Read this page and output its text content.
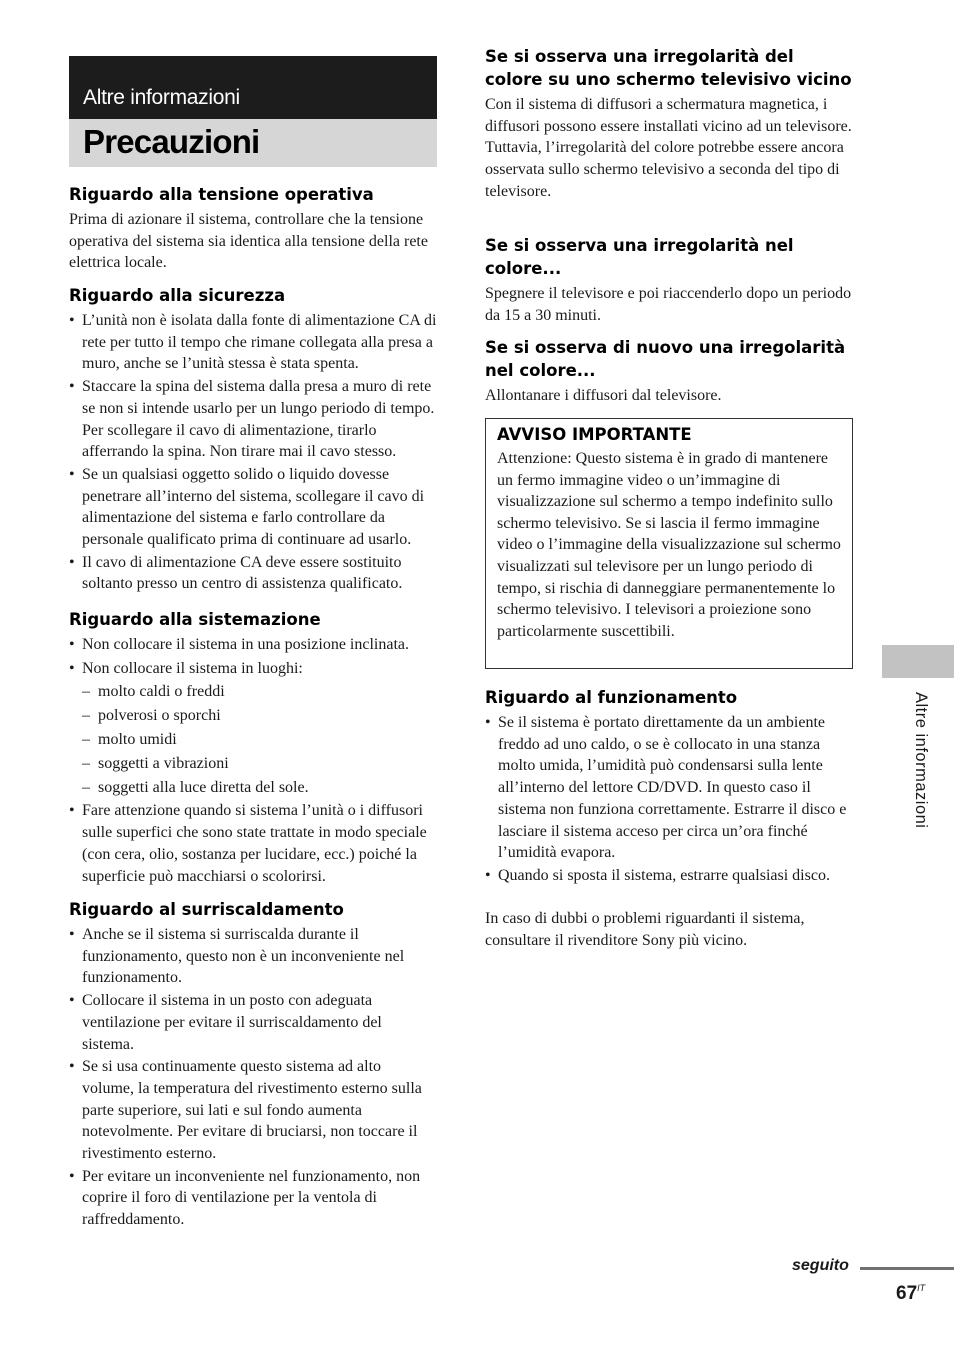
Altre informazioni
Precauzioni
Riguardo alla tensione operativa

Prima di azionare il sistema, controllare che la tensione operativa del sistema sia identica alla tensione della rete elettrica locale.

Riguardo alla sicurezza
• L’unità non è isolata dalla fonte di alimentazione CA di rete per tutto il tempo che rimane collegata alla presa a muro, anche se l’unità stessa è stata spenta.
• Staccare la spina del sistema dalla presa a muro di rete se non si intende usarlo per un lungo periodo di tempo. Per scollegare il cavo di alimentazione, tirarlo afferrando la spina. Non tirare mai il cavo stesso.
• Se un qualsiasi oggetto solido o liquido dovesse penetrare all’interno del sistema, scollegare il cavo di alimentazione del sistema e farlo controllare da personale qualificato prima di continuare ad usarlo.
• Il cavo di alimentazione CA deve essere sostituito soltanto presso un centro di assistenza qualificato.
Riguardo alla sistemazione
• Non collocare il sistema in una posizione inclinata.
• Non collocare il sistema in luoghi:
– molto caldi o freddi
– polverosi o sporchi
– molto umidi
– soggetti a vibrazioni
– soggetti alla luce diretta del sole.
• Fare attenzione quando si sistema l’unità o i diffusori sulle superfici che sono state trattate in modo speciale (con cera, olio, sostanza per lucidare, ecc.) poiché la superficie può macchiarsi o scolorirsi.
Riguardo al surriscaldamento
• Anche se il sistema si surriscalda durante il funzionamento, questo non è un inconveniente nel funzionamento.
• Collocare il sistema in un posto con adeguata ventilazione per evitare il surriscaldamento del sistema.
• Se si usa continuamente questo sistema ad alto volume, la temperatura del rivestimento esterno sulla parte superiore, sui lati e sul fondo aumenta notevolmente. Per evitare di bruciarsi, non toccare il rivestimento esterno.
• Per evitare un inconveniente nel funzionamento, non coprire il foro di ventilazione per la ventola di raffreddamento.
Se si osserva una irregolarità del colore su uno schermo televisivo vicino

Con il sistema di diffusori a schermatura magnetica, i diffusori possono essere installati vicino ad un televisore. Tuttavia, l’irregolarità del colore potrebbe essere ancora osservata sullo schermo televisivo a seconda del tipo di televisore.

Se si osserva una irregolarità nel colore...

Spegnere il televisore e poi riaccenderlo dopo un periodo da 15 a 30 minuti.

Se si osserva di nuovo una irregolarità nel colore...

Allontanare i diffusori dal televisore.

AVVISO IMPORTANTE

Attenzione: Questo sistema è in grado di mantenere un fermo immagine video o un’immagine di visualizzazione sul schermo a tempo indefinito sullo schermo televisivo. Se si lascia il fermo immagine video o l’immagine della visualizzazione sul schermo visualizzati sul televisore per un lungo periodo di tempo, si rischia di danneggiare permanentemente lo schermo televisivo. I televisori a proiezione sono particolarmente suscettibili.

Riguardo al funzionamento
• Se il sistema è portato direttamente da un ambiente freddo ad uno caldo, o se è collocato in una stanza molto umida, l’umidità può condensarsi sulla lente all’interno del lettore CD/DVD. In questo caso il sistema non funziona correttamente. Estrarre il disco e lasciare il sistema acceso per circa un’ora finché l’umidità evapora.
• Quando si sposta il sistema, estrarre qualsiasi disco.

In caso di dubbi o problemi riguardanti il sistema, consultare il rivenditore Sony più vicino.

Altre informazioni
seguito
$67^{IT}$
